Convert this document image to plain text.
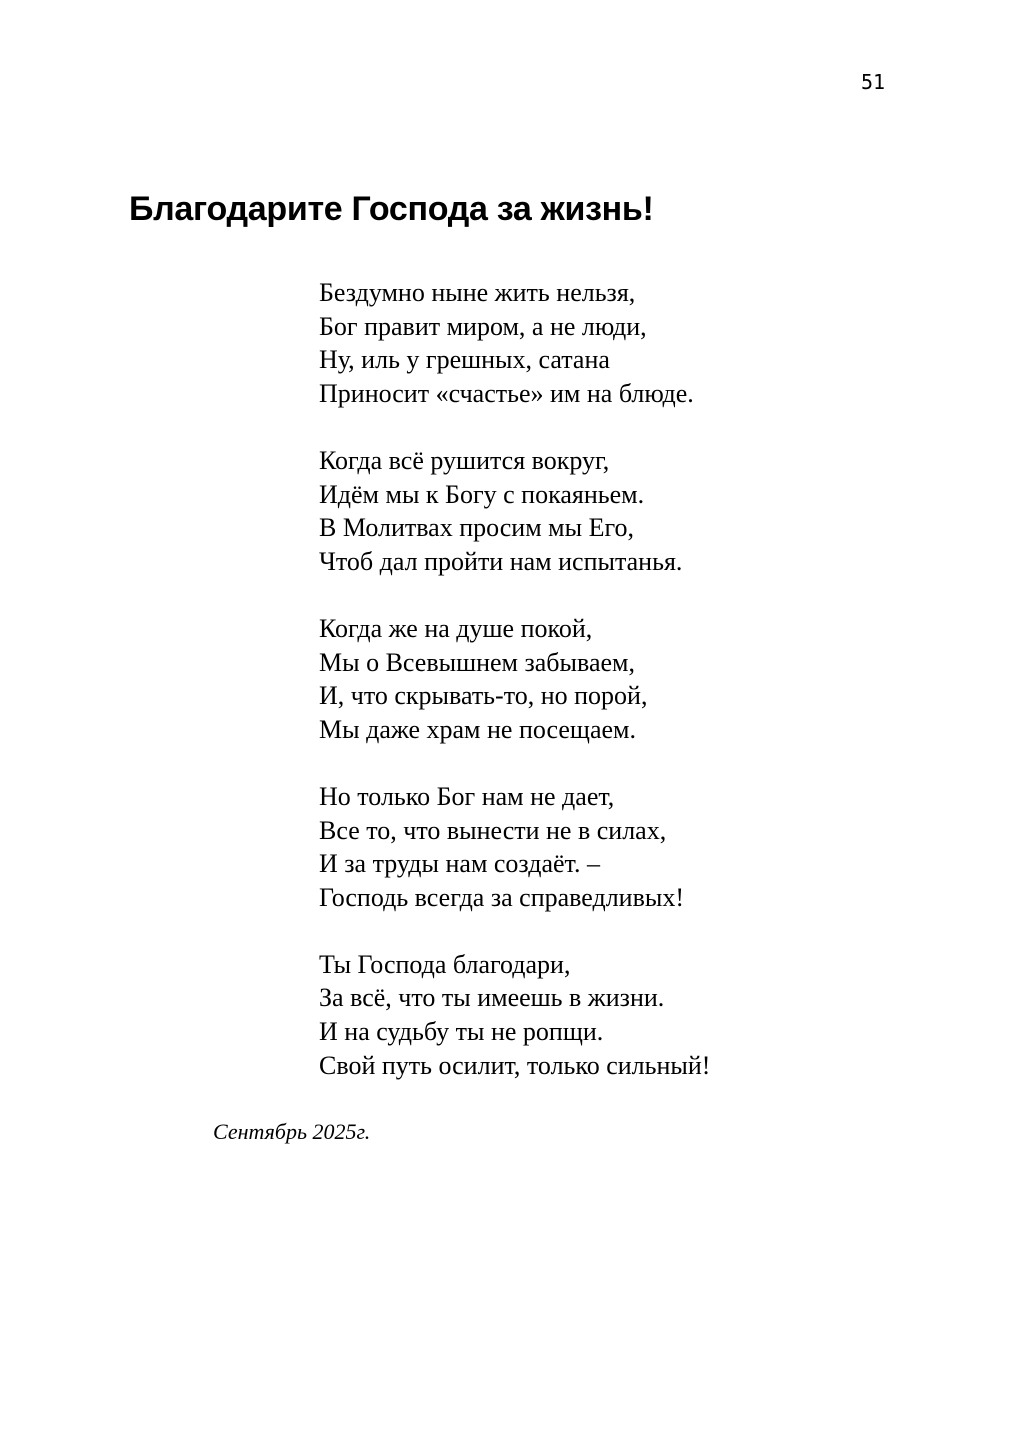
51
Благодарите Господа за жизнь!
Бездумно ныне жить нельзя,
Бог правит миром, а не люди,
Ну, иль у грешных, сатана
Приносит «счастье» им на блюде.
Когда всё рушится вокруг,
Идём мы к Богу с покаяньем.
В Молитвах просим мы Его,
Чтоб дал пройти нам испытанья.
Когда же на душе покой,
Мы о Всевышнем забываем,
И, что скрывать-то, но порой,
Мы даже храм не посещаем.
Но только Бог нам не дает,
Все то, что вынести не в силах,
И за труды нам создаёт. –
Господь всегда за справедливых!
Ты Господа благодари,
За всё, что ты имеешь в жизни.
И на судьбу ты не ропщи.
Свой путь осилит, только сильный!
Сентябрь 2025г.
